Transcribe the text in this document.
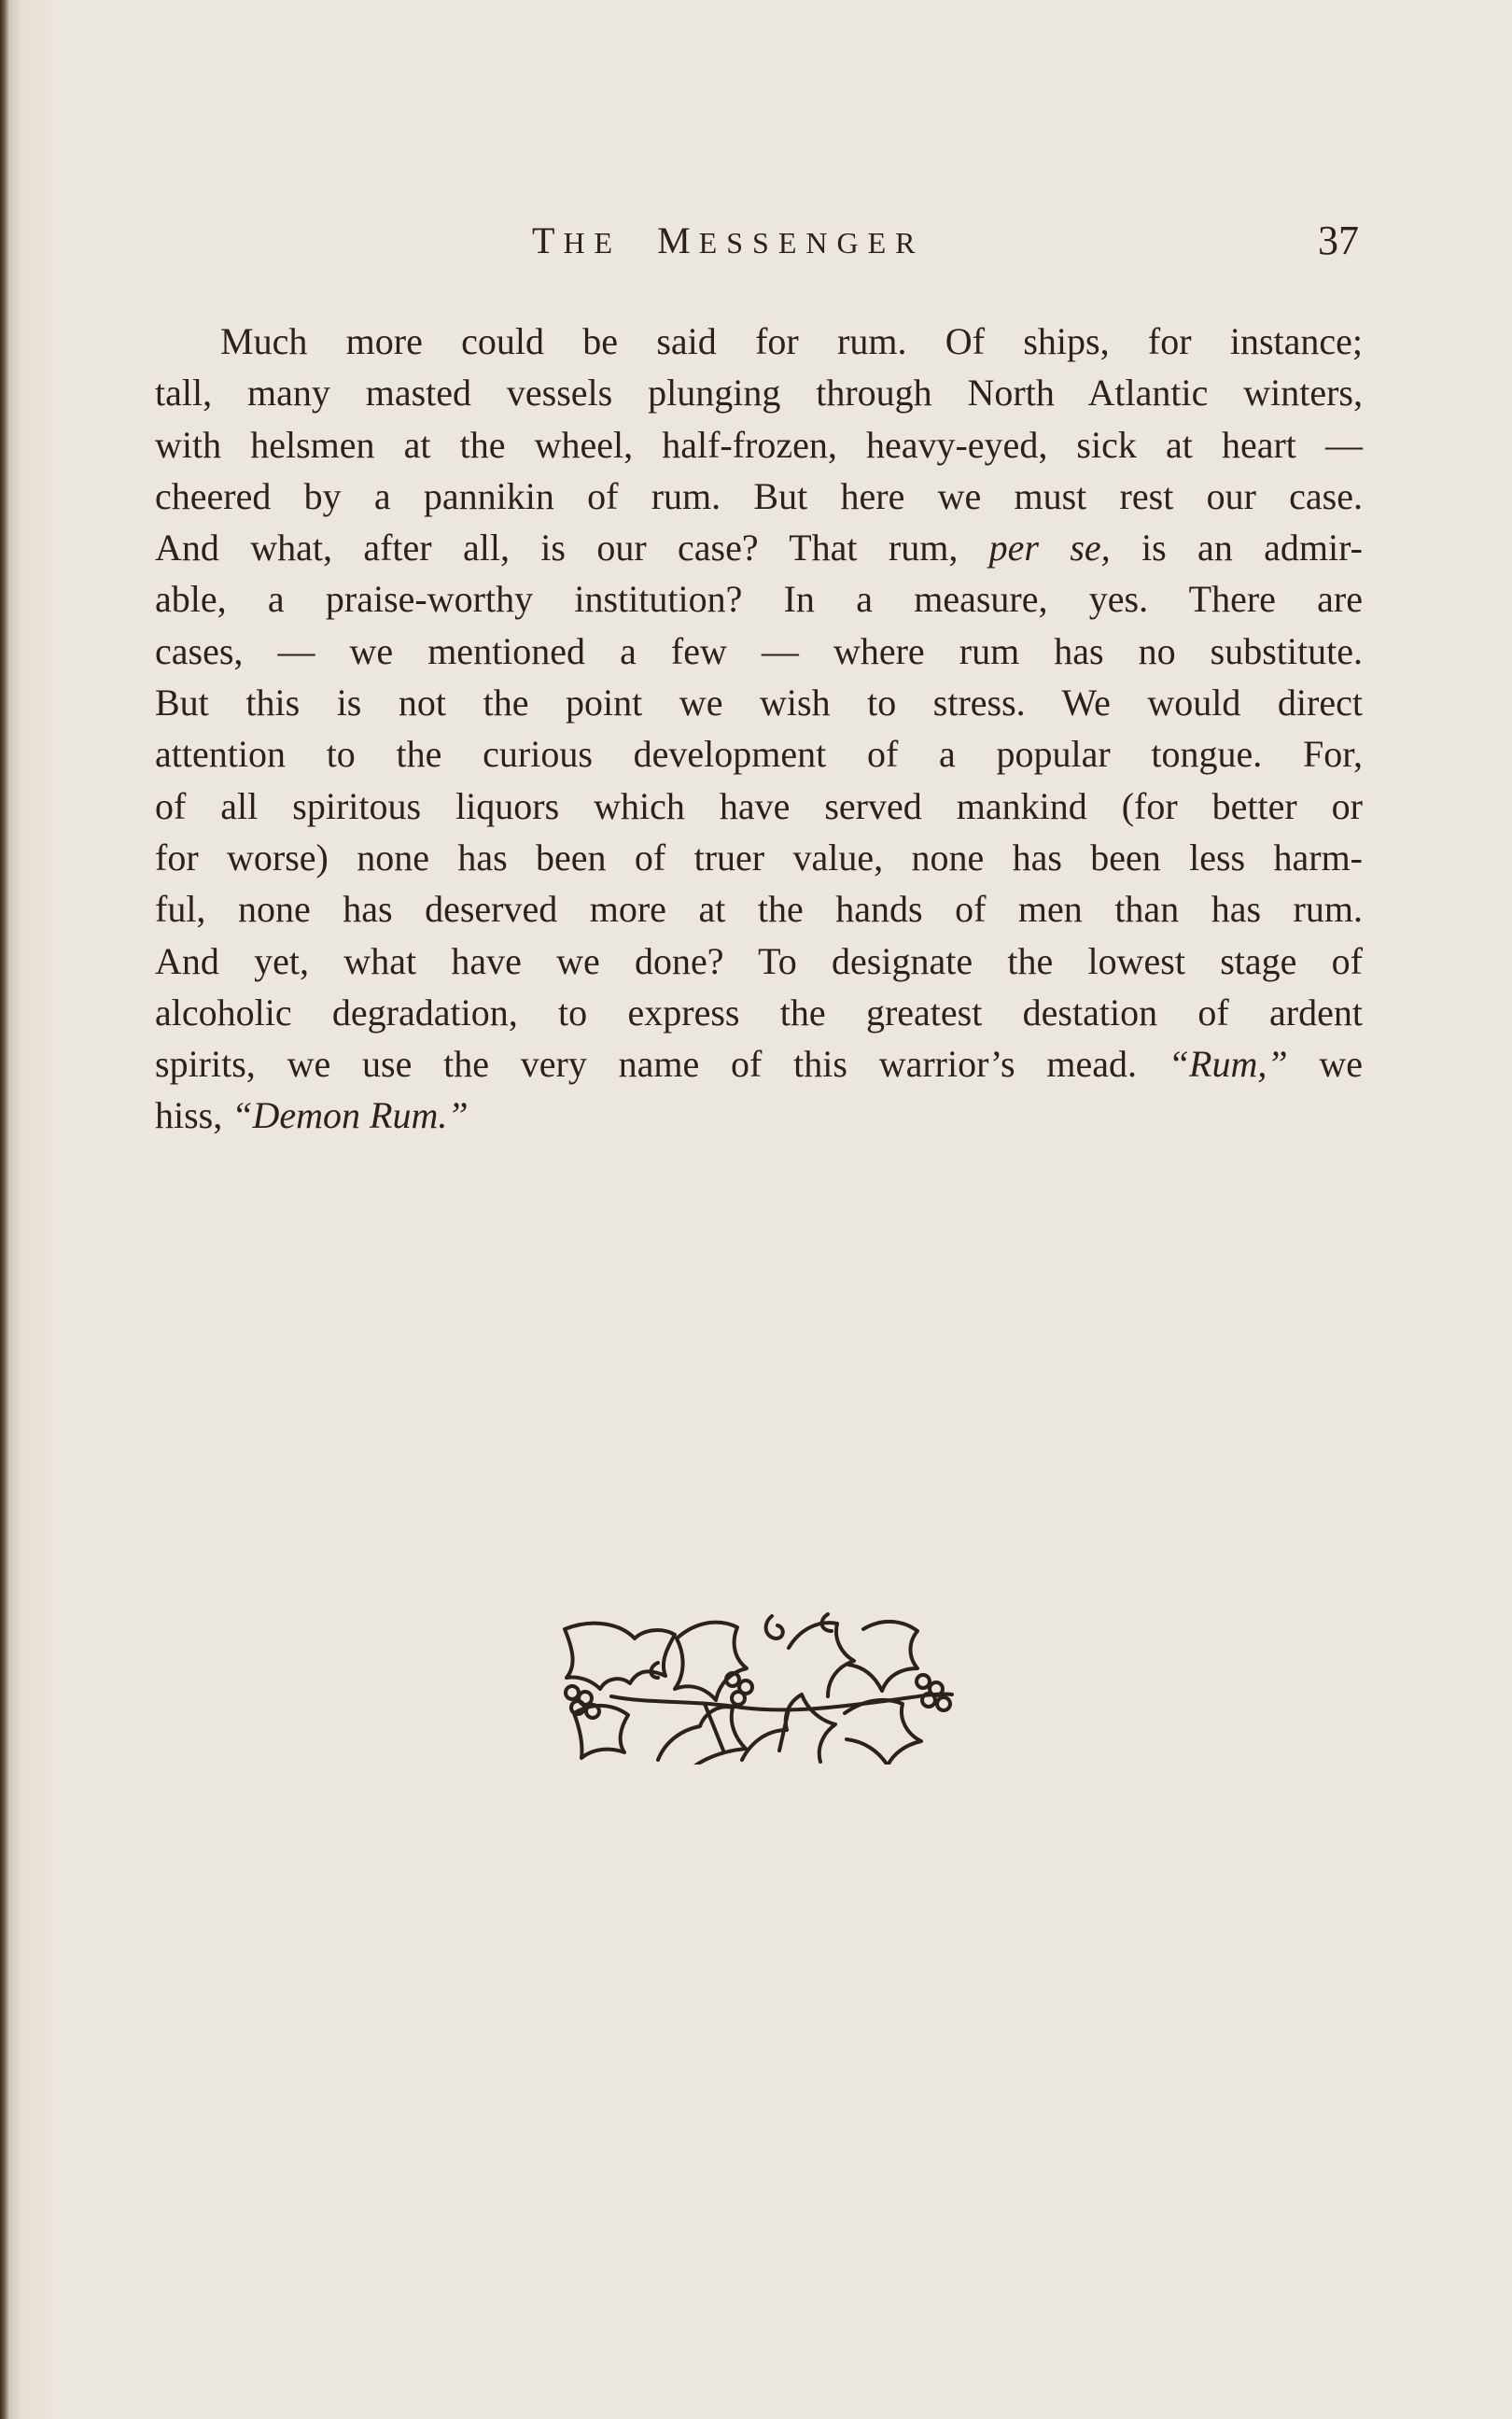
THE MESSENGER	37
Much more could be said for rum. Of ships, for instance;
tall, many masted vessels plunging through North Atlantic winters,
with helsmen at the wheel, half-frozen, heavy-eyed, sick at heart —
cheered by a pannikin of rum. But here we must rest our case.
And what, after all, is our case? That rum, per se, is an admir-
able, a praise-worthy institution? In a measure, yes. There are
cases, — we mentioned a few — where rum has no substitute.
But this is not the point we wish to stress. We would direct
attention to the curious development of a popular tongue. For,
of all spiritous liquors which have served mankind (for better or
for worse) none has been of truer value, none has been less harm-
ful, none has deserved more at the hands of men than has rum.
And yet, what have we done? To designate the lowest stage of
alcoholic degradation, to express the greatest destation of ardent
spirits, we use the very name of this warrior’s mead. “Rum,” we
hiss, “Demon Rum.”
